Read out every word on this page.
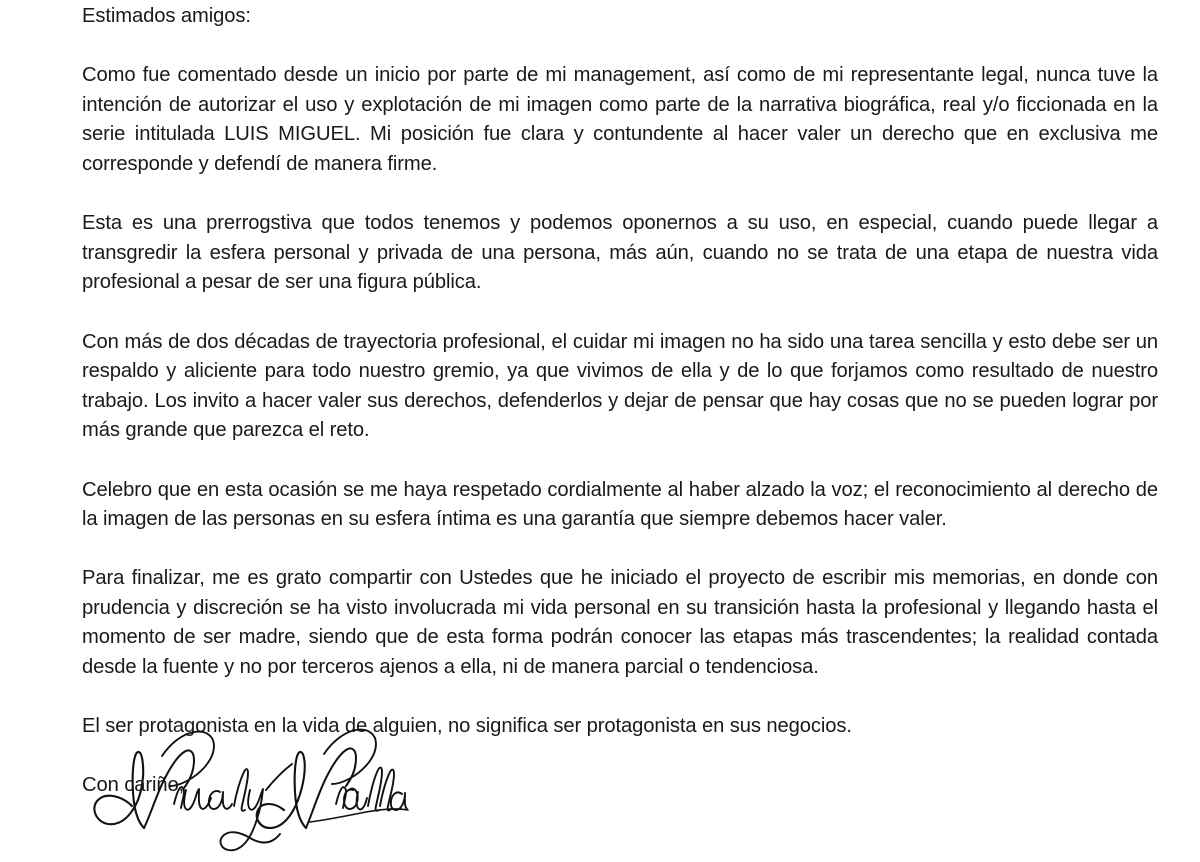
Estimados amigos:

Como fue comentado desde un inicio por parte de mi management, así como de mi representante legal, nunca tuve la intención de autorizar el uso y explotación de mi imagen como parte de la narrativa biográfica, real y/o ficcionada en la serie intitulada LUIS MIGUEL. Mi posición fue clara y contundente al hacer valer un derecho que en exclusiva me corresponde y defendí de manera firme.

Esta es una prerrogstiva que todos tenemos y podemos oponernos a su uso, en especial, cuando puede llegar a transgredir la esfera personal y privada de una persona, más aún, cuando no se trata de una etapa de nuestra vida profesional a pesar de ser una figura pública.

Con más de dos décadas de trayectoria profesional, el cuidar mi imagen no ha sido una tarea sencilla y esto debe ser un respaldo y aliciente para todo nuestro gremio, ya que vivimos de ella y de lo que forjamos como resultado de nuestro trabajo. Los invito a hacer valer sus derechos, defenderlos y dejar de pensar que hay cosas que no se pueden lograr por más grande que parezca el reto.

Celebro que en esta ocasión se me haya respetado cordialmente al haber alzado la voz; el reconocimiento al derecho de la imagen de las personas en su esfera íntima es una garantía que siempre debemos hacer valer.

Para finalizar, me es grato compartir con Ustedes que he iniciado el proyecto de escribir mis memorias, en donde con prudencia y discreción se ha visto involucrada mi vida personal en su transición hasta la profesional y llegando hasta el momento de ser madre, siendo que de esta forma podrán conocer las etapas más trascendentes; la realidad contada desde la fuente y no por terceros ajenos a ella, ni de manera parcial o tendenciosa.

El ser protagonista en la vida de alguien, no significa ser protagonista en sus negocios.

Con cariño,
